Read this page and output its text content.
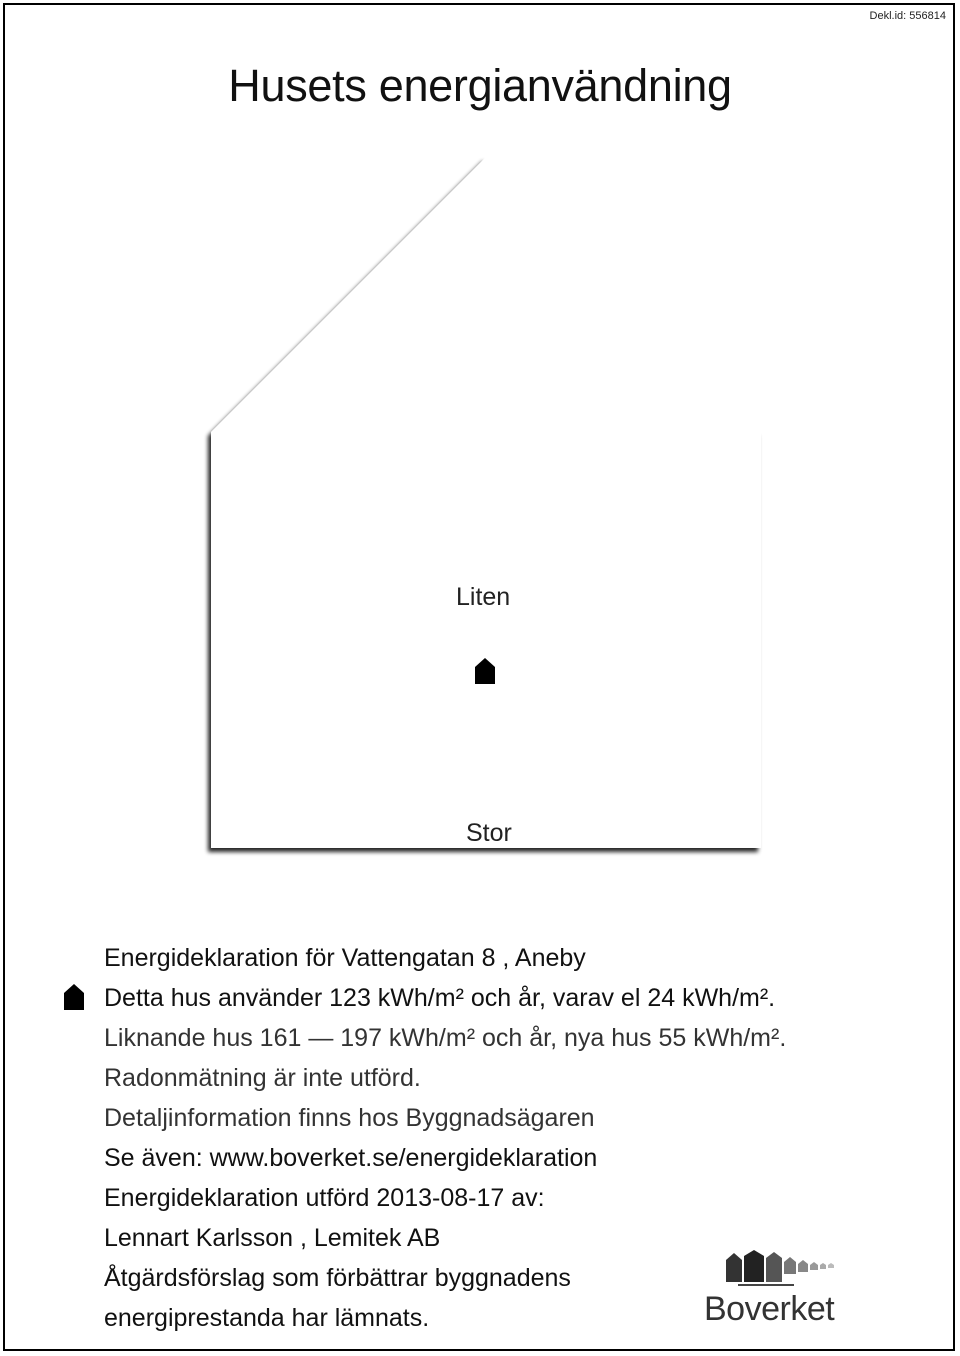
Dekl.id: 556814
Husets energianvändning
Liten
Stor
Energideklaration för Vattengatan 8 , Aneby
Detta hus använder 123 kWh/m² och år, varav el 24 kWh/m².
Liknande hus 161 — 197 kWh/m² och år, nya hus 55 kWh/m².
Radonmätning är inte utförd.
Detaljinformation finns hos Byggnadsägaren
Se även: www.boverket.se/energideklaration
Energideklaration utförd 2013-08-17 av:
Lennart Karlsson , Lemitek AB
Åtgärdsförslag som förbättrar byggnadens
energiprestanda har lämnats.	Boverket
